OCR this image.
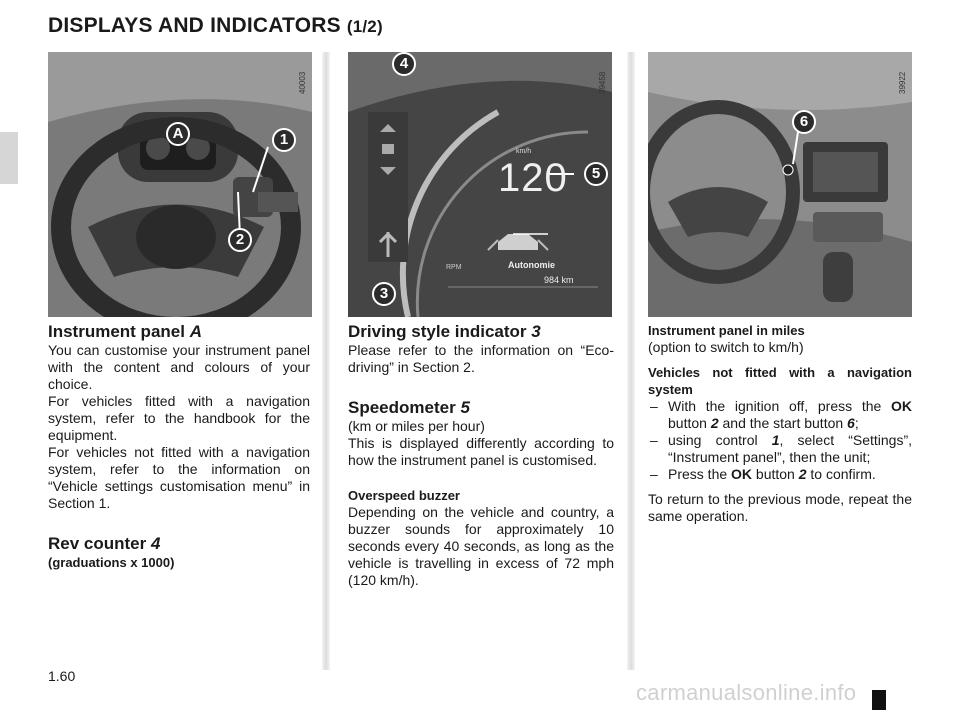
DISPLAYS AND INDICATORS (1/2)
40003
A	1
2
39458
km/h
120
RPM	Autonomie
984 km
4
5
3
39922
6
Instrument panel A

You can customise your instrument panel with the content and colours of your choice.

For vehicles fitted with a navigation system, refer to the handbook for the equipment.

For vehicles not fitted with a navigation system, refer to the information on “Vehicle settings customisation menu” in Section 1.

Rev counter 4
(graduations x 1000)
Driving style indicator 3

Please refer to the information on “Eco-driving” in Section 2.

Speedometer 5

(km or miles per hour)

This is displayed differently according to how the instrument panel is customised.

Overspeed buzzer

Depending on the vehicle and country, a buzzer sounds for approximately 10 seconds every 40 seconds, as long as the vehicle is travelling in excess of 72 mph (120 km/h).

Instrument panel in miles

(option to switch to km/h)

Vehicles not fitted with a navigation system
– With the ignition off, press the OK button 2 and the start button 6;
– using control 1, select “Settings”, “Instrument panel”, then the unit;
– Press the OK button 2 to confirm.

To return to the previous mode, repeat the same operation.

1.60
carmanualsonline.info
